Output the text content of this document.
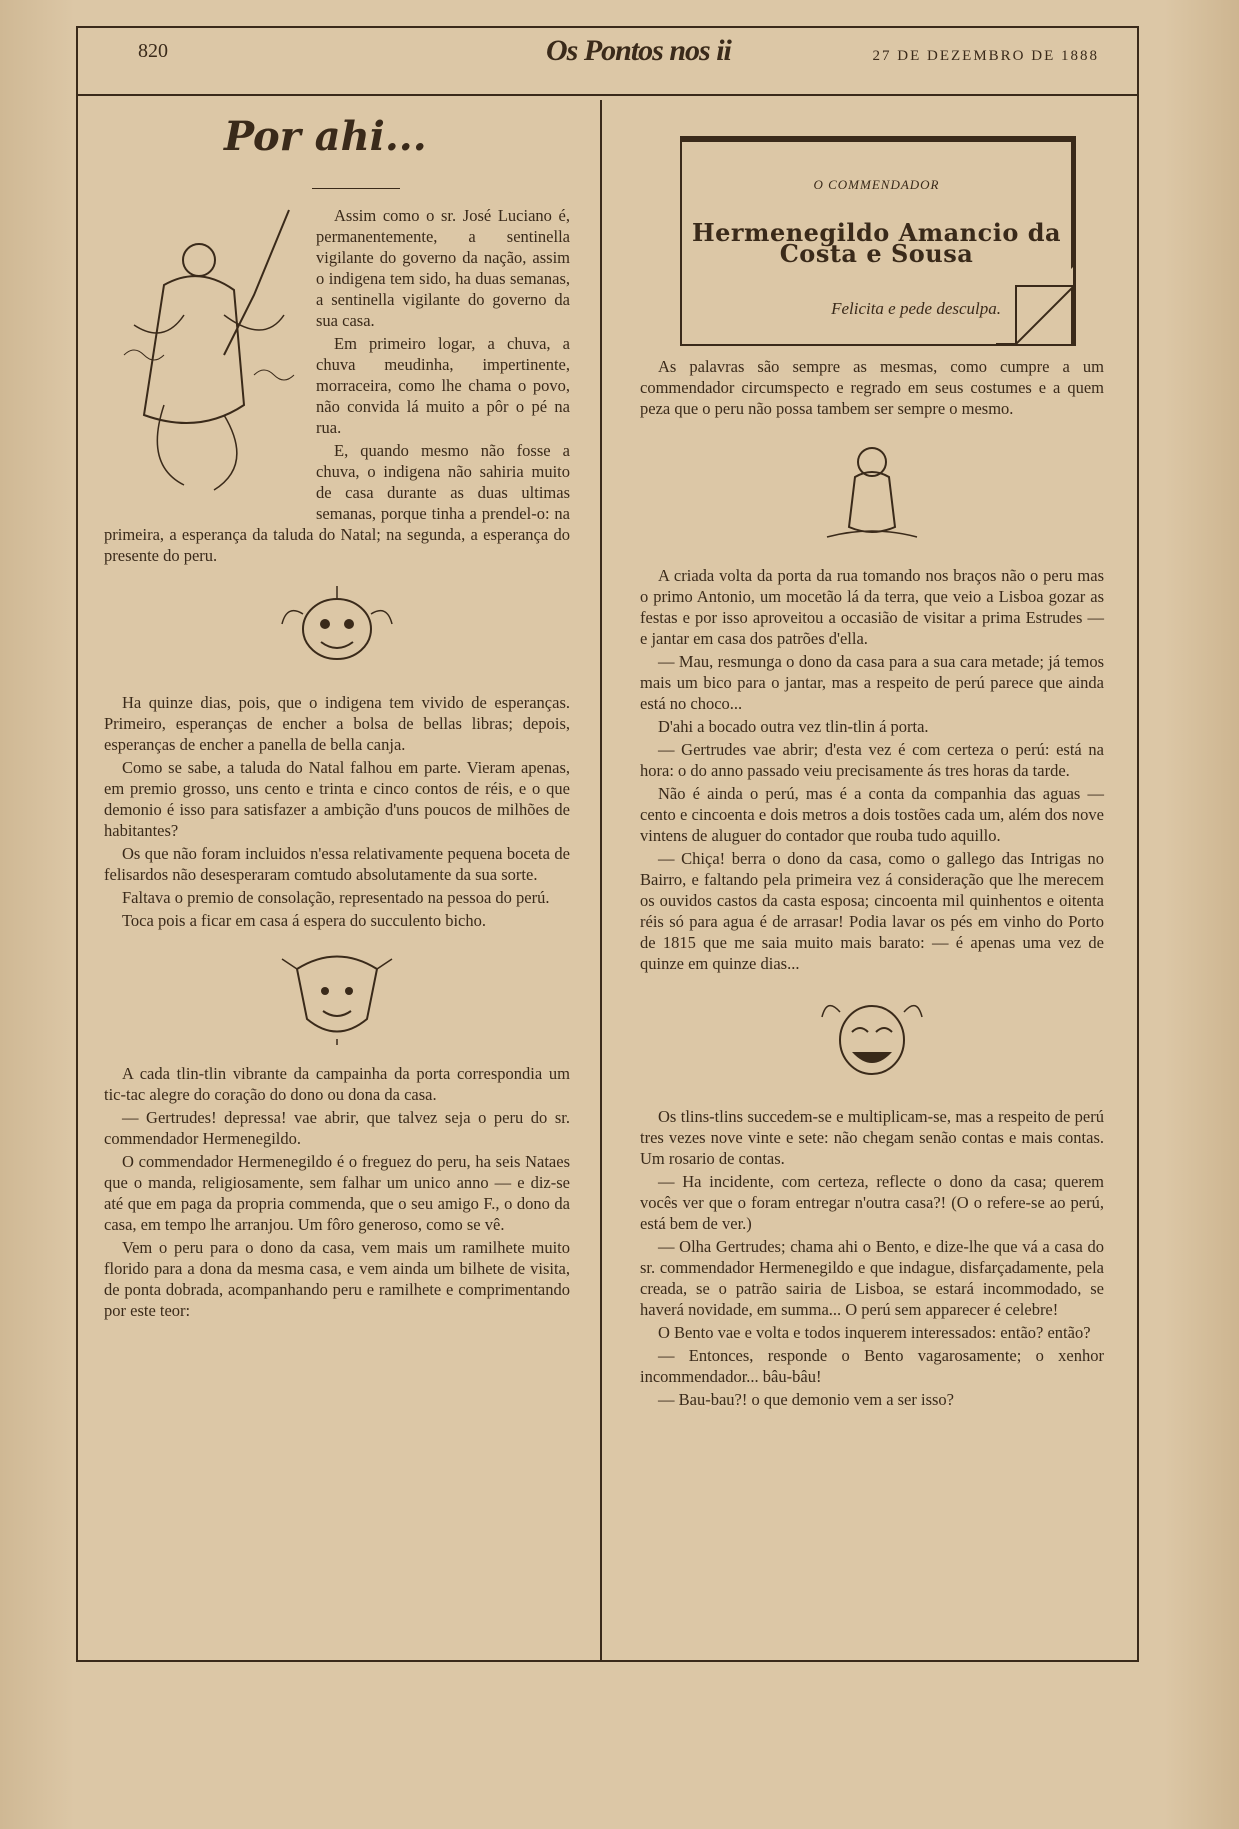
820	Os Pontos nos ii	27 DE DEZEMBRO DE 1888
Por ahi...

Assim como o sr. José Luciano é, permanentemente, a sentinella vigilante do governo da nação, assim o indigena tem sido, ha duas semanas, a sentinella vigilante do governo da sua casa.

Em primeiro logar, a chuva, a chuva meudinha, impertinente, morraceira, como lhe chama o povo, não convida lá muito a pôr o pé na rua.

E, quando mesmo não fosse a chuva, o indigena não sahiria muito de casa durante as duas ultimas semanas, porque tinha a prendel-o: na primeira, a esperança da taluda do Natal; na segunda, a esperança do presente do peru.

Ha quinze dias, pois, que o indigena tem vivido de esperanças. Primeiro, esperanças de encher a bolsa de bellas libras; depois, esperanças de encher a panella de bella canja.

Como se sabe, a taluda do Natal falhou em parte. Vieram apenas, em premio grosso, uns cento e trinta e cinco contos de réis, e o que demonio é isso para satisfazer a ambição d'uns poucos de milhões de habitantes?

Os que não foram incluidos n'essa relativamente pequena boceta de felisardos não desesperaram comtudo absolutamente da sua sorte.

Faltava o premio de consolação, representado na pessoa do perú.

Toca pois a ficar em casa á espera do succulento bicho.

A cada tlin-tlin vibrante da campainha da porta correspondia um tic-tac alegre do coração do dono ou dona da casa.

— Gertrudes! depressa! vae abrir, que talvez seja o peru do sr. commendador Hermenegildo.

O commendador Hermenegildo é o freguez do peru, ha seis Nataes que o manda, religiosamente, sem falhar um unico anno — e diz-se até que em paga da propria commenda, que o seu amigo F., o dono da casa, em tempo lhe arranjou. Um fôro generoso, como se vê.

Vem o peru para o dono da casa, vem mais um ramilhete muito florido para a dona da mesma casa, e vem ainda um bilhete de visita, de ponta dobrada, acompanhando peru e ramilhete e comprimentando por este teor:

O COMMENDADOR
Hermenegildo Amancio da Costa e Sousa
Felicita e pede desculpa.

As palavras são sempre as mesmas, como cumpre a um commendador circumspecto e regrado em seus costumes e a quem peza que o peru não possa tambem ser sempre o mesmo.

A criada volta da porta da rua tomando nos braços não o peru mas o primo Antonio, um mocetão lá da terra, que veio a Lisboa gozar as festas e por isso aproveitou a occasião de visitar a prima Estrudes — e jantar em casa dos patrões d'ella.

— Mau, resmunga o dono da casa para a sua cara metade; já temos mais um bico para o jantar, mas a respeito de perú parece que ainda está no choco...

D'ahi a bocado outra vez tlin-tlin á porta.

— Gertrudes vae abrir; d'esta vez é com certeza o perú: está na hora: o do anno passado veiu precisamente ás tres horas da tarde.

Não é ainda o perú, mas é a conta da companhia das aguas — cento e cincoenta e dois metros a dois tostões cada um, além dos nove vintens de aluguer do contador que rouba tudo aquillo.

— Chiça! berra o dono da casa, como o gallego das Intrigas no Bairro, e faltando pela primeira vez á consideração que lhe merecem os ouvidos castos da casta esposa; cincoenta mil quinhentos e oitenta réis só para agua é de arrasar! Podia lavar os pés em vinho do Porto de 1815 que me saia muito mais barato: — é apenas uma vez de quinze em quinze dias...

Os tlins-tlins succedem-se e multiplicam-se, mas a respeito de perú tres vezes nove vinte e sete: não chegam senão contas e mais contas. Um rosario de contas.

— Ha incidente, com certeza, reflecte o dono da casa; querem vocês ver que o foram entregar n'outra casa?! (O o refere-se ao perú, está bem de ver.)

— Olha Gertrudes; chama ahi o Bento, e dize-lhe que vá a casa do sr. commendador Hermenegildo e que indague, disfarçadamente, pela creada, se o patrão sairia de Lisboa, se estará incommodado, se haverá novidade, em summa... O perú sem apparecer é celebre!

O Bento vae e volta e todos inquerem interessados: então? então?

— Entonces, responde o Bento vagarosamente; o xenhor incommendador... bâu-bâu!

— Bau-bau?! o que demonio vem a ser isso?
